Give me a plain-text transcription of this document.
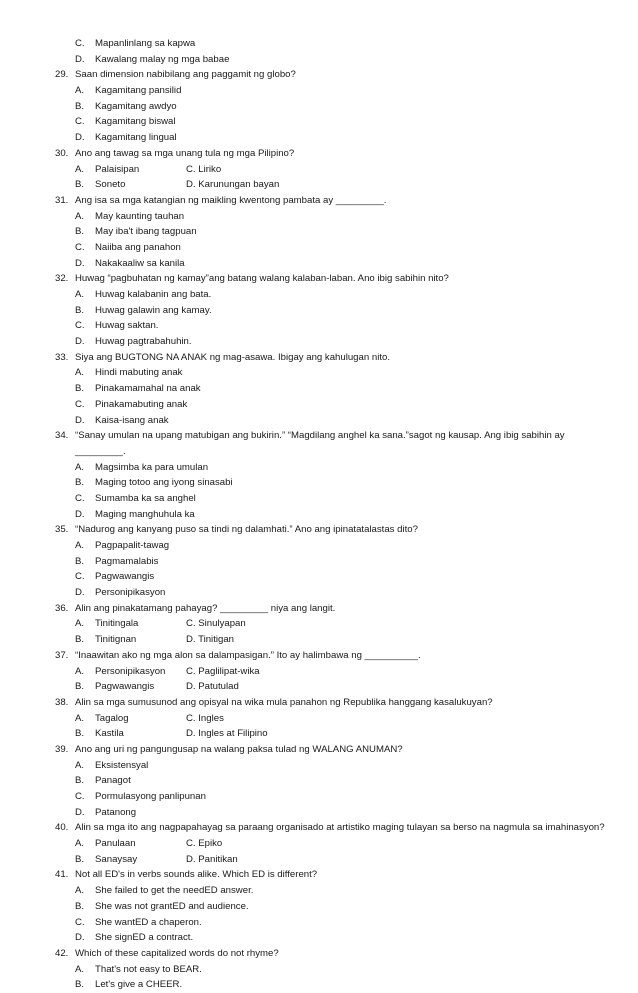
C. Mapanlinlang sa kapwa
D. Kawalang malay ng mga babae
29. Saan dimension nabibilang ang paggamit ng globo?
A. Kagamitang pansilid
B. Kagamitang awdyo
C. Kagamitang biswal
D. Kagamitang lingual
30. Ano ang tawag sa mga unang tula ng mga Pilipino?
A. Palaisipan	C. Liriko
B. Soneto	D. Karunungan bayan
31. Ang isa sa mga katangian ng maikling kwentong pambata ay _________.
A. May kaunting tauhan
B. May iba't ibang tagpuan
C. Naiiba ang panahon
D. Nakakaaliw sa kanila
32. Huwag “pagbuhatan ng kamay”ang batang walang kalaban-laban. Ano ibig sabihin nito?
A. Huwag kalabanin ang bata.
B. Huwag galawin ang kamay.
C. Huwag saktan.
D. Huwag pagtrabahuhin.
33. Siya ang BUGTONG NA ANAK ng mag-asawa. Ibigay ang kahulugan nito.
A. Hindi mabuting anak
B. Pinakamamahal na anak
C. Pinakamabuting anak
D. Kaisa-isang anak
34. “Sanay umulan na upang matubigan ang bukirin.” “Magdilang anghel ka sana.”sagot ng kausap. Ang ibig sabihin ay
_________.
A. Magsimba ka para umulan
B. Maging totoo ang iyong sinasabi
C. Sumamba ka sa anghel
D. Maging manghuhula ka
35. “Nadurog ang kanyang puso sa tindi ng dalamhati.” Ano ang ipinatatalastas dito?
A. Pagpapalit-tawag
B. Pagmamalabis
C. Pagwawangis
D. Personipikasyon
36. Alin ang pinakatamang pahayag? _________ niya ang langit.
A. Tinitingala	C. Sinulyapan
B. Tinitignan	D. Tinitigan
37. “Inaawitan ako ng mga alon sa dalampasigan.” Ito ay halimbawa ng __________.
A. Personipikasyon C. Paglilipat-wika
B. Pagwawangis	D. Patutulad
38. Alin sa mga sumusunod ang opisyal na wika mula panahon ng Republika hanggang kasalukuyan?
A. Tagalog	C. Ingles
B. Kastila	D. Ingles at Filipino
39. Ano ang uri ng pangungusap na walang paksa tulad ng WALANG ANUMAN?
A. Eksistensyal
B. Panagot
C. Pormulasyong panlipunan
D. Patanong
40. Alin sa mga ito ang nagpapahayag sa paraang organisado at artistiko maging tulayan sa berso na nagmula sa imahinasyon?
A. Panulaan	C. Epiko
B. Sanaysay	D. Panitikan
41. Not all ED's in verbs sounds alike. Which ED is different?
A. She failed to get the needED answer.
B. She was not grantED and audience.
C. She wantED a chaperon.
D. She signED a contract.
42. Which of these capitalized words do not rhyme?
A. That's not easy to BEAR.
B. Let's give a CHEER.
